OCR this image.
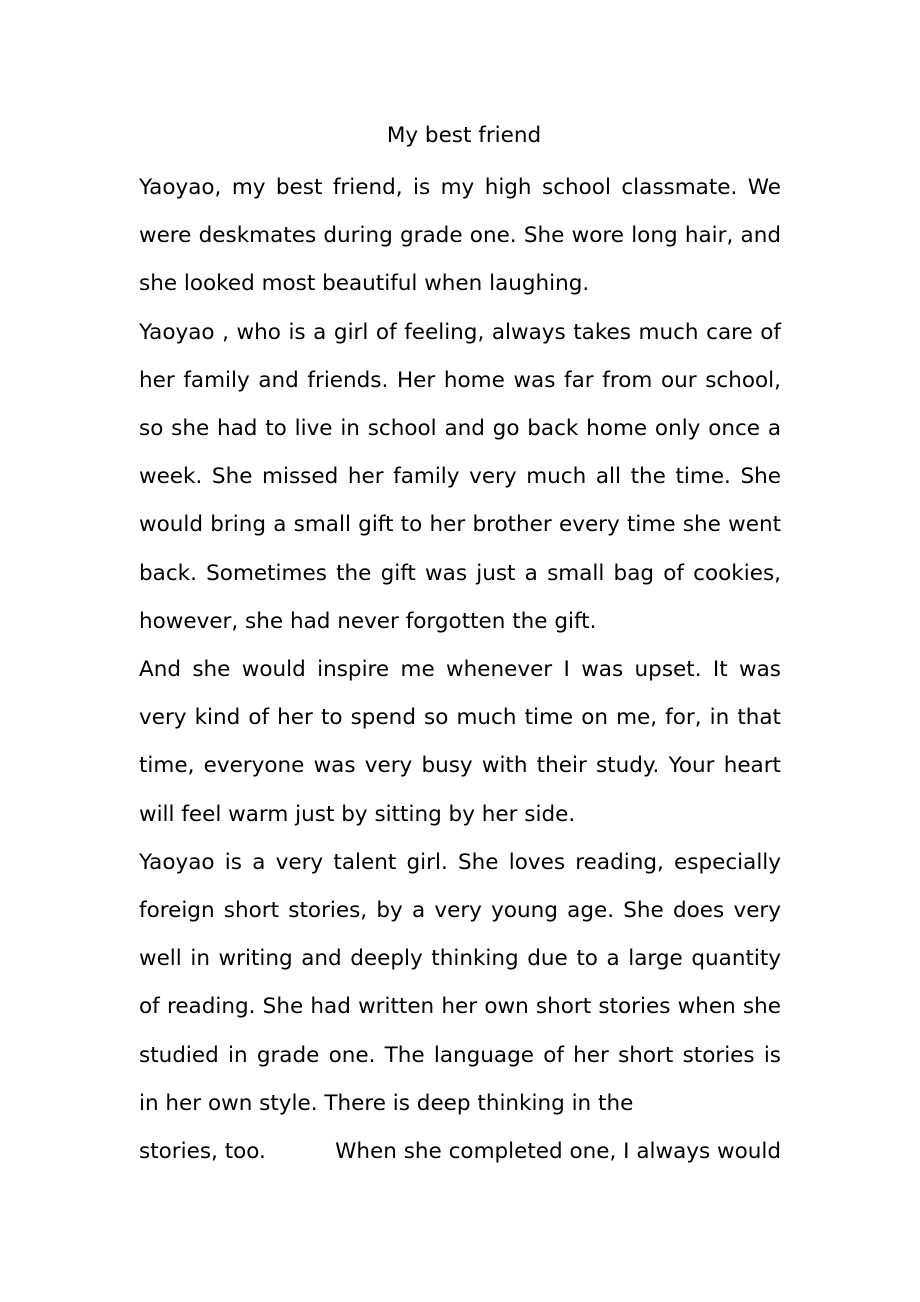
My best friend

Yaoyao, my best friend, is my high school classmate. We were deskmates during grade one. She wore long hair, and she looked most beautiful when laughing.

Yaoyao , who is a girl of feeling, always takes much care of her family and friends. Her home was far from our school, so she had to live in school and go back home only once a week. She missed her family very much all the time. She would bring a small gift to her brother every time she went back. Sometimes the gift was just a small bag of cookies, however, she had never forgotten the gift.

And she would inspire me whenever I was upset. It was very kind of her to spend so much time on me, for, in that time, everyone was very busy with their study. Your heart will feel warm just by sitting by her side.

Yaoyao is a very talent girl. She loves reading, especially foreign short stories, by a very young age. She does very well in writing and deeply thinking due to a large quantity of reading. She had written her own short stories when she studied in grade one. The language of her short stories is in her own style. There is deep thinking in the

stories, too.	When she completed one, I always would
